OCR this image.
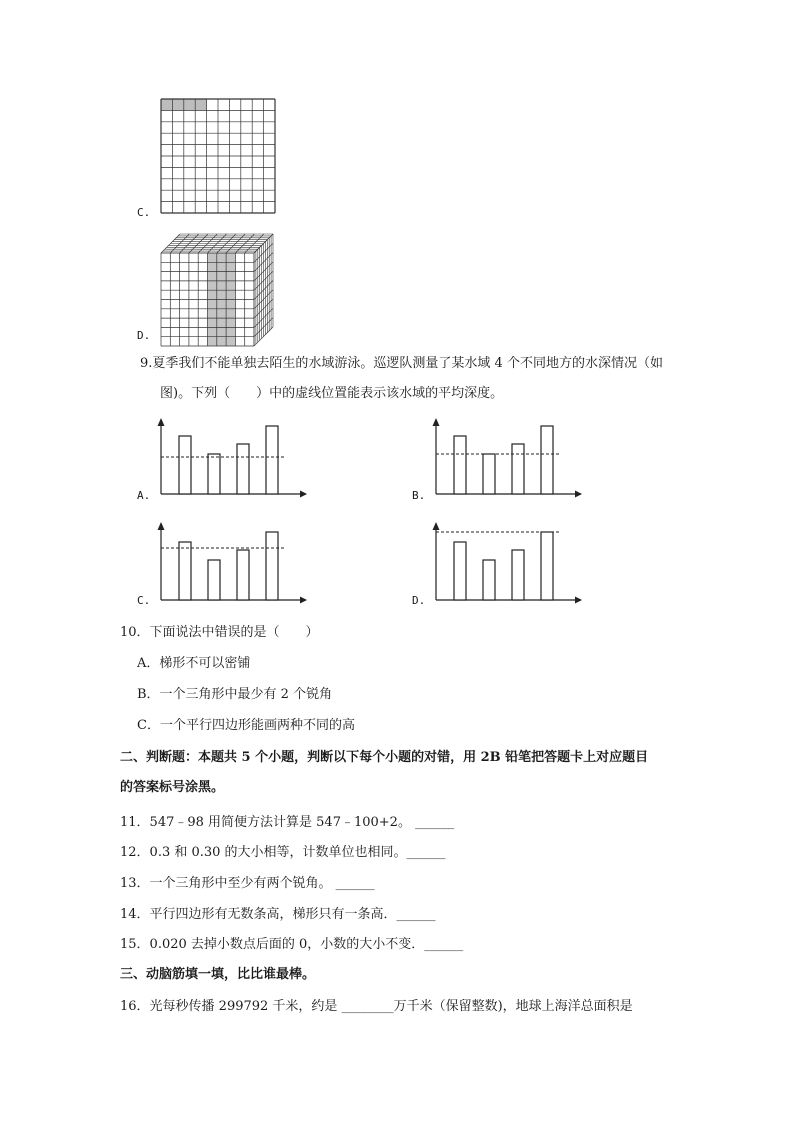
C.
D.
9.夏季我们不能单独去陌生的水域游泳。巡逻队测量了某水域 4 个不同地方的水深情况（如
图)。下列（　　）中的虚线位置能表示该水域的平均深度。
A.	B.
C.	D.
10．下面说法中错误的是（　　）
A．梯形不可以密铺
B．一个三角形中最少有 2 个锐角
C．一个平行四边形能画两种不同的高
二、判断题：本题共 5 个小题，判断以下每个小题的对错，用 2B 铅笔把答题卡上对应题目
的答案标号涂黑。
11．547﹣98 用简便方法计算是 547﹣100+2。 ______
12．0.3 和 0.30 的大小相等，计数单位也相同。______
13．一个三角形中至少有两个锐角。 ______
14．平行四边形有无数条高，梯形只有一条高．______
15．0.020 去掉小数点后面的 0，小数的大小不变．______
三、动脑筋填一填，比比谁最棒。
16．光每秒传播 299792 千米，约是 ________万千米（保留整数)，地球上海洋总面积是
